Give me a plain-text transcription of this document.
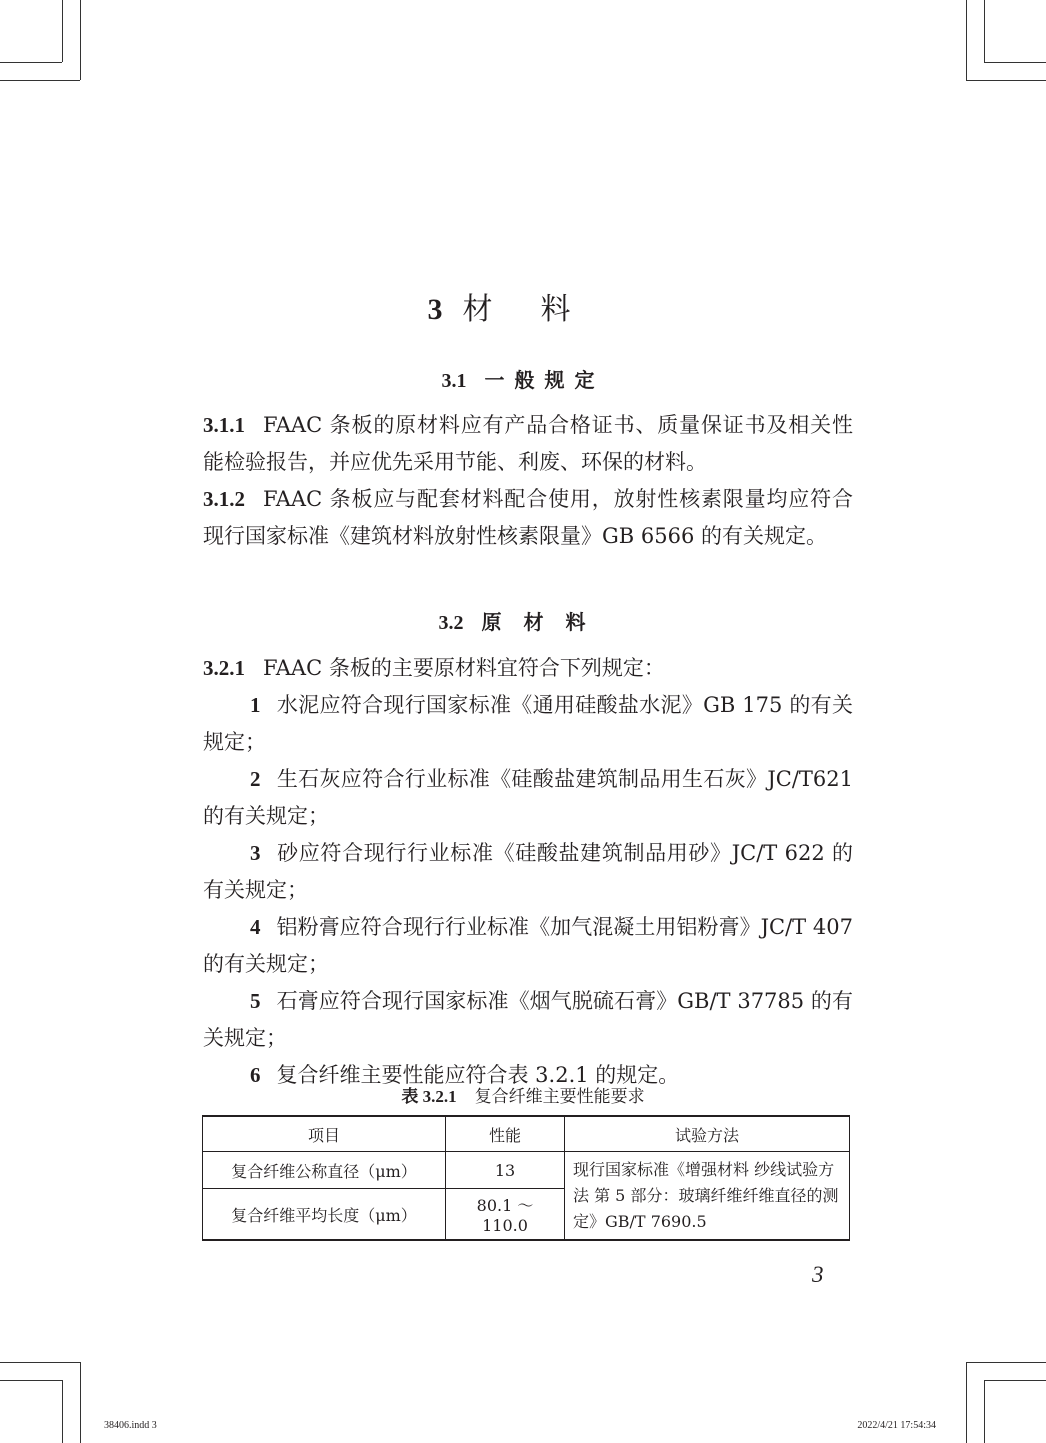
3 材料
3.1 一般规定

3.1.1 FAAC 条板的原材料应有产品合格证书、质量保证书及相关性能检验报告，并应优先采用节能、利废、环保的材料。

3.1.2 FAAC 条板应与配套材料配合使用，放射性核素限量均应符合现行国家标准《建筑材料放射性核素限量》GB 6566 的有关规定。

3.2 原材料

3.2.1 FAAC 条板的主要原材料宜符合下列规定：

1 水泥应符合现行国家标准《通用硅酸盐水泥》GB 175 的有关规定；

2 生石灰应符合行业标准《硅酸盐建筑制品用生石灰》JC/T621 的有关规定；

3 砂应符合现行行业标准《硅酸盐建筑制品用砂》JC/T 622 的有关规定；

4 铝粉膏应符合现行行业标准《加气混凝土用铝粉膏》JC/T 407 的有关规定；

5 石膏应符合现行国家标准《烟气脱硫石膏》GB/T 37785 的有关规定；

6 复合纤维主要性能应符合表 3.2.1 的规定。

表 3.2.1 复合纤维主要性能要求
项目	性能	试验方法
复合纤维公称直径（μm）	13	现行国家标准《增强材料 纱线试验方法 第 5 部分：玻璃纤维纤维直径的测定》GB/T 7690.5
复合纤维平均长度（μm）	80.1 ～ 110.0	
3
38406.indd 3	2022/4/21 17:54:34
